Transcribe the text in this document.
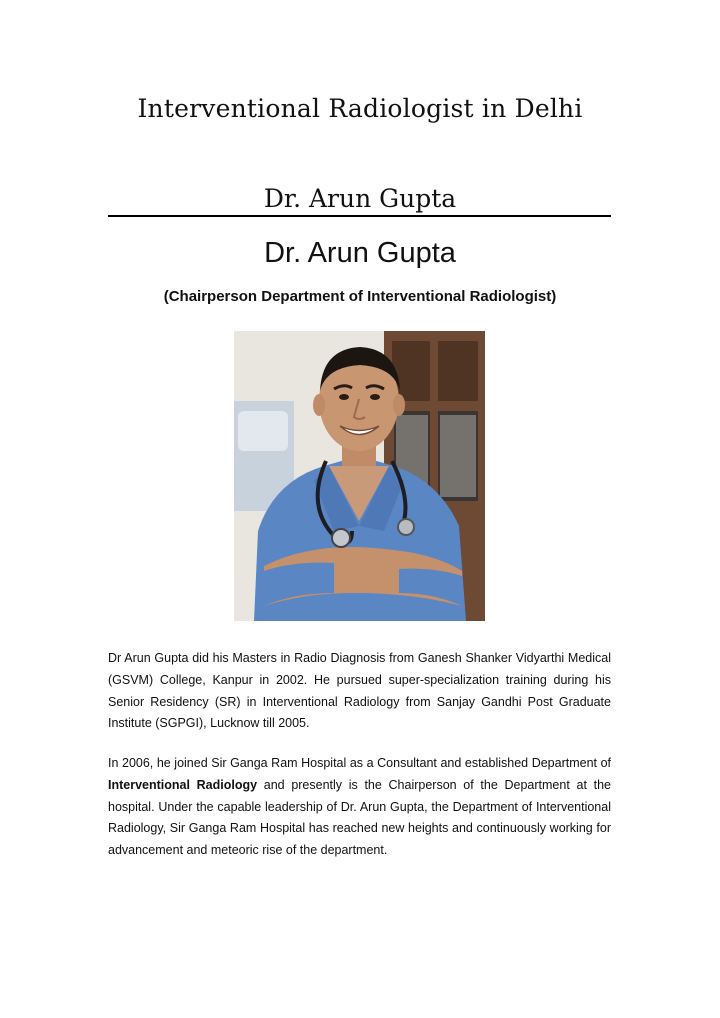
Interventional Radiologist in Delhi
Dr. Arun Gupta
Dr. Arun Gupta
(Chairperson Department of Interventional Radiologist)

Dr Arun Gupta did his Masters in Radio Diagnosis from Ganesh Shanker Vidyarthi Medical (GSVM) College, Kanpur in 2002. He pursued super-specialization training during his Senior Residency (SR) in Interventional Radiology from Sanjay Gandhi Post Graduate Institute (SGPGI), Lucknow till 2005.

In 2006, he joined Sir Ganga Ram Hospital as a Consultant and established Department of Interventional Radiology and presently is the Chairperson of the Department at the hospital. Under the capable leadership of Dr. Arun Gupta, the Department of Interventional Radiology, Sir Ganga Ram Hospital has reached new heights and continuously working for advancement and meteoric rise of the department.
